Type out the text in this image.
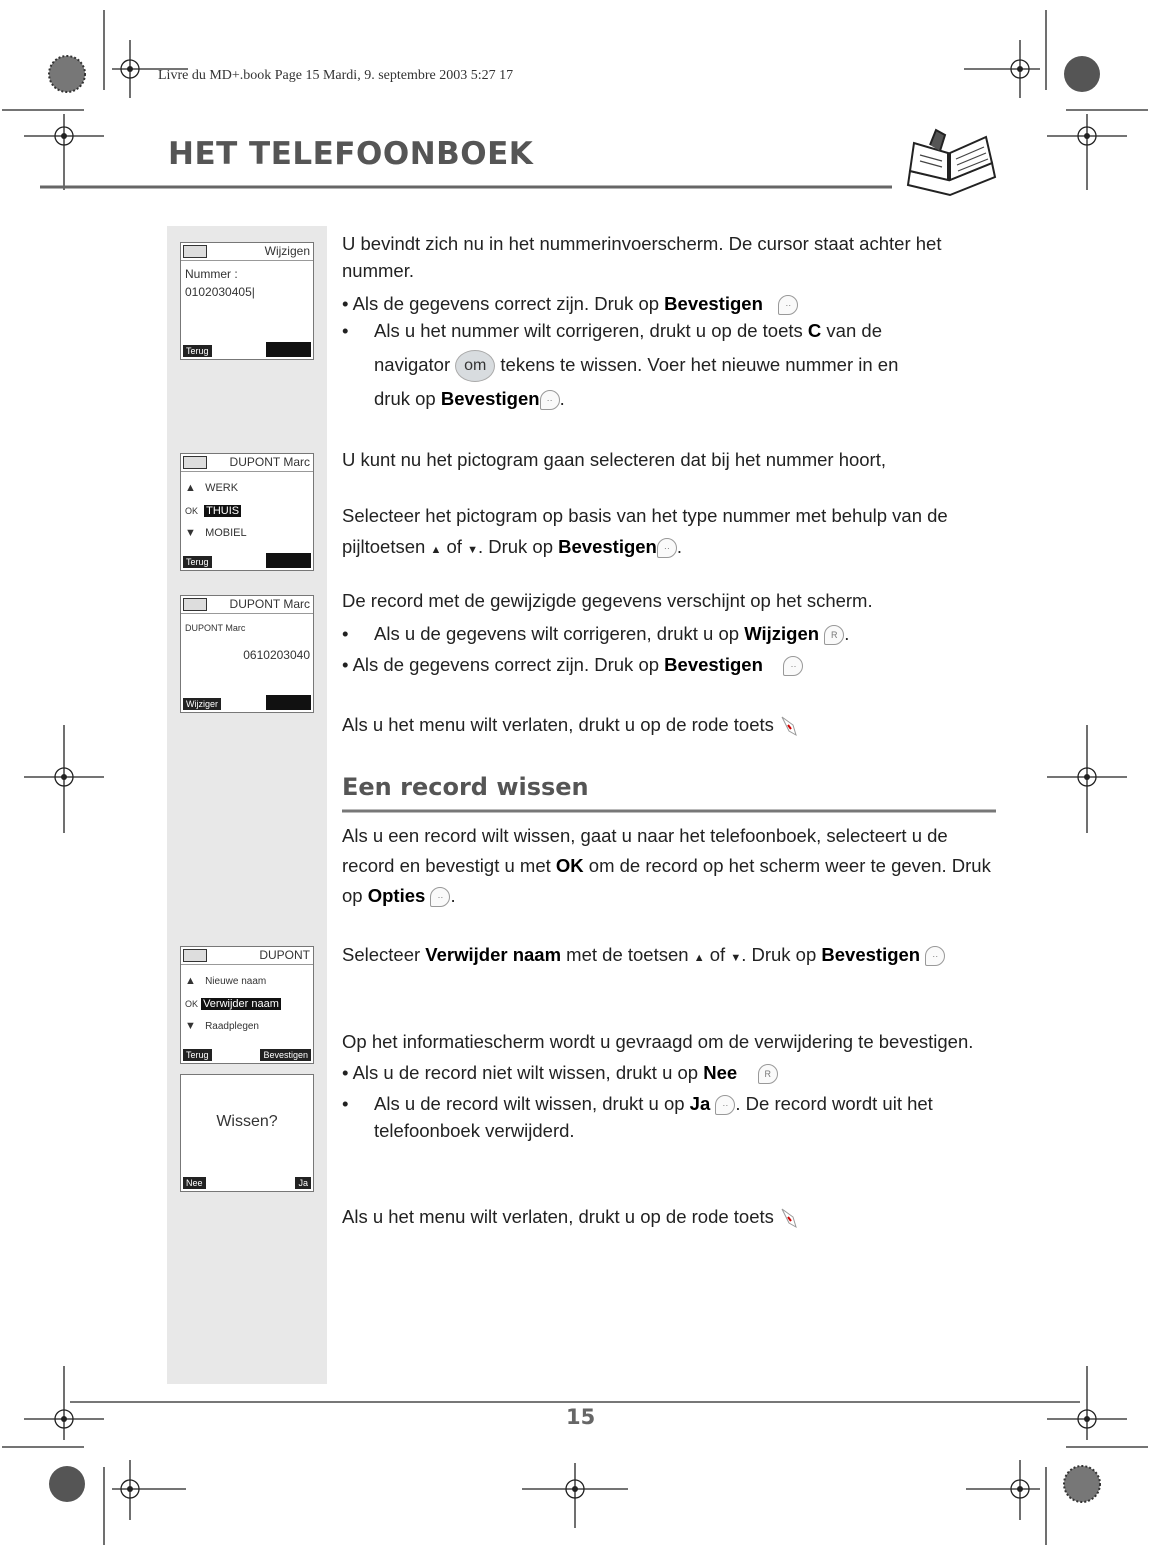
Livre du MD+.book Page 15 Mardi, 9. septembre 2003 5:27 17
HET TELEFOONBOEK
Wijzigen
Nummer :
0102030405|
Terug
DUPONT Marc
▲   WERK
OK THUIS
▼   MOBIEL
Terug
DUPONT Marc
DUPONT Marc
0610203040
Wijziger
DUPONT
▲   Nieuwe naam
OK Verwijder naam
▼   Raadplegen
Terug	Bevestigen
Wissen?
Nee	Ja
U bevindt zich nu in het nummerinvoerscherm. De cursor staat achter het nummer.
• Als de gegevens correct zijn. Druk op Bevestigen ··
•	Als u het nummer wilt corrigeren, drukt u op de toets C van de
navigator om tekens te wissen. Voer het nieuwe nummer in en
druk op Bevestigen ·· .
U kunt nu het pictogram gaan selecteren dat bij het nummer hoort,
Selecteer het pictogram op basis van het type nummer met behulp van de pijltoetsen ▲ of ▼. Druk op Bevestigen ·· .
De record met de gewijzigde gegevens verschijnt op het scherm.
•	Als u de gegevens wilt corrigeren, drukt u op Wijzigen R .
• Als de gegevens correct zijn. Druk op Bevestigen	··
Als u het menu wilt verlaten, drukt u op de rode toets
Een record wissen
Als u een record wilt wissen, gaat u naar het telefoonboek, selecteert u de record en bevestigt u met OK om de record op het scherm weer te geven. Druk op Opties ·· .
Selecteer Verwijder naam met de toetsen ▲ of ▼. Druk op Bevestigen ··
Op het informatiescherm wordt u gevraagd om de verwijdering te bevestigen.
• Als u de record niet wilt wissen, drukt u op Nee	R
•	Als u de record wilt wissen, drukt u op Ja ·· . De record wordt uit het telefoonboek verwijderd.
Als u het menu wilt verlaten, drukt u op de rode toets
15
